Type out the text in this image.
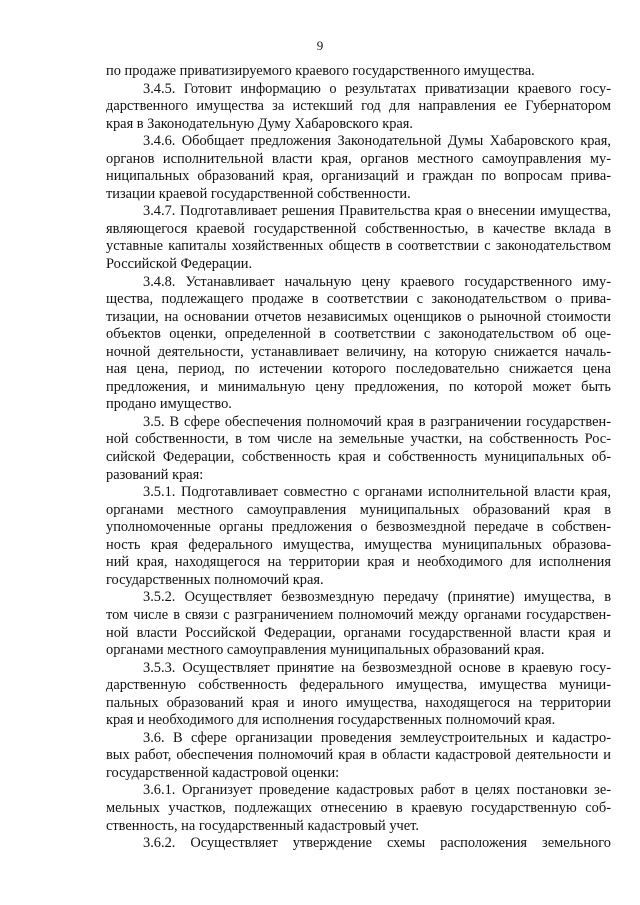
9
по продаже приватизируемого краевого государственного имущества.
3.4.5. Готовит информацию о результатах приватизации краевого госу-
дарственного имущества за истекший год для направления ее Губернатором
края в Законодательную Думу Хабаровского края.
3.4.6. Обобщает предложения Законодательной Думы Хабаровского края,
органов исполнительной власти края, органов местного самоуправления му-
ниципальных образований края, организаций и граждан по вопросам прива-
тизации краевой государственной собственности.
3.4.7. Подготавливает решения Правительства края о внесении имущества,
являющегося краевой государственной собственностью, в качестве вклада в
уставные капиталы хозяйственных обществ в соответствии с законодательством
Российской Федерации.
3.4.8. Устанавливает начальную цену краевого государственного иму-
щества, подлежащего продаже в соответствии с законодательством о прива-
тизации, на основании отчетов независимых оценщиков о рыночной стоимости
объектов оценки, определенной в соответствии с законодательством об оце-
ночной деятельности, устанавливает величину, на которую снижается началь-
ная цена, период, по истечении которого последовательно снижается цена
предложения, и минимальную цену предложения, по которой может быть
продано имущество.
3.5. В сфере обеспечения полномочий края в разграничении государствен-
ной собственности, в том числе на земельные участки, на собственность Рос-
сийской Федерации, собственность края и собственность муниципальных об-
разований края:
3.5.1. Подготавливает совместно с органами исполнительной власти края,
органами местного самоуправления муниципальных образований края в
уполномоченные органы предложения о безвозмездной передаче в собствен-
ность края федерального имущества, имущества муниципальных образова-
ний края, находящегося на территории края и необходимого для исполнения
государственных полномочий края.
3.5.2. Осуществляет безвозмездную передачу (принятие) имущества, в
том числе в связи с разграничением полномочий между органами государствен-
ной власти Российской Федерации, органами государственной власти края и
органами местного самоуправления муниципальных образований края.
3.5.3. Осуществляет принятие на безвозмездной основе в краевую госу-
дарственную собственность федерального имущества, имущества муници-
пальных образований края и иного имущества, находящегося на территории
края и необходимого для исполнения государственных полномочий края.
3.6. В сфере организации проведения землеустроительных и кадастро-
вых работ, обеспечения полномочий края в области кадастровой деятельности и
государственной кадастровой оценки:
3.6.1. Организует проведение кадастровых работ в целях постановки зе-
мельных участков, подлежащих отнесению в краевую государственную соб-
ственность, на государственный кадастровый учет.
3.6.2. Осуществляет утверждение схемы расположения земельного
